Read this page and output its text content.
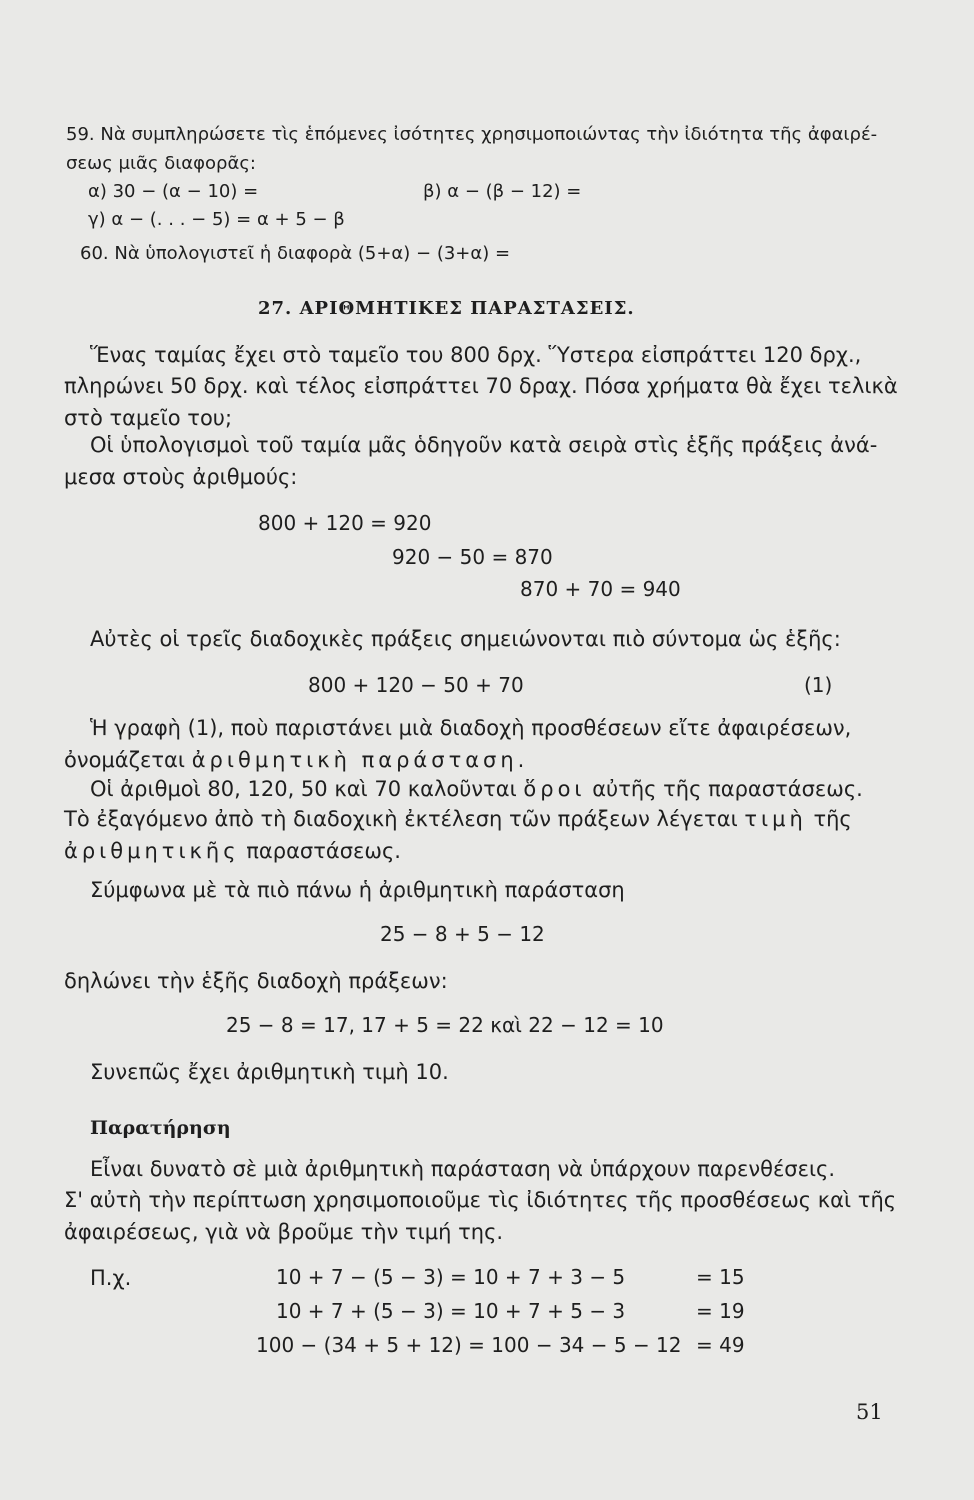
59. Νὰ συμπληρώσετε τὶς ἑπόμενες ἰσότητες χρησιμοποιώντας τὴν ἰδιότητα τῆς ἀφαιρέ-
σεως μιᾶς διαφορᾶς:
α) 30 − (α − 10) =	β) α − (β − 12) =
γ) α − (. . . − 5) = α + 5 − β
60. Νὰ ὑπολογιστεῖ ἡ διαφορὰ (5+α) − (3+α) =
27. ΑΡΙΘΜΗΤΙΚΕΣ ΠΑΡΑΣΤΑΣΕΙΣ.
Ἕνας ταμίας ἔχει στὸ ταμεῖο του 800 δρχ. Ὕστερα εἰσπράττει 120 δρχ.,
πληρώνει 50 δρχ. καὶ τέλος εἰσπράττει 70 δραχ. Πόσα χρήματα θὰ ἔχει τελικὰ
στὸ ταμεῖο του;
Οἱ ὑπολογισμοὶ τοῦ ταμία μᾶς ὁδηγοῦν κατὰ σειρὰ στὶς ἑξῆς πράξεις ἀνά-
μεσα στοὺς ἀριθμούς:
800 + 120 = 920
920 − 50 = 870
870 + 70 = 940
Αὐτὲς οἱ τρεῖς διαδοχικὲς πράξεις σημειώνονται πιὸ σύντομα ὡς ἑξῆς:
800 + 120 − 50 + 70	(1)
Ἡ γραφὴ (1), ποὺ παριστάνει μιὰ διαδοχὴ προσθέσεων εἴτε ἀφαιρέσεων,
ὀνομάζεται ἀριθμητικὴ παράσταση.
Οἱ ἀριθμοὶ 80, 120, 50 καὶ 70 καλοῦνται ὅροι αὐτῆς τῆς παραστάσεως.
Τὸ ἐξαγόμενο ἀπὸ τὴ διαδοχικὴ ἐκτέλεση τῶν πράξεων λέγεται τιμὴ τῆς
ἀριθμητικῆς παραστάσεως.
Σύμφωνα μὲ τὰ πιὸ πάνω ἡ ἀριθμητικὴ παράσταση
25 − 8 + 5 − 12
δηλώνει τὴν ἑξῆς διαδοχὴ πράξεων:
25 − 8 = 17, 17 + 5 = 22 καὶ 22 − 12 = 10
Συνεπῶς ἔχει ἀριθμητικὴ τιμὴ 10.
Παρατήρηση
Εἶναι δυνατὸ σὲ μιὰ ἀριθμητικὴ παράσταση νὰ ὑπάρχουν παρενθέσεις.
Σ' αὐτὴ τὴν περίπτωση χρησιμοποιοῦμε τὶς ἰδιότητες τῆς προσθέσεως καὶ τῆς
ἀφαιρέσεως, γιὰ νὰ βροῦμε τὴν τιμή της.
Π.χ.	10 + 7 − (5 − 3) = 10 + 7 + 3 − 5	= 15
10 + 7 + (5 − 3) = 10 + 7 + 5 − 3	= 19
100 − (34 + 5 + 12) = 100 − 34 − 5 − 12 = 49
51
